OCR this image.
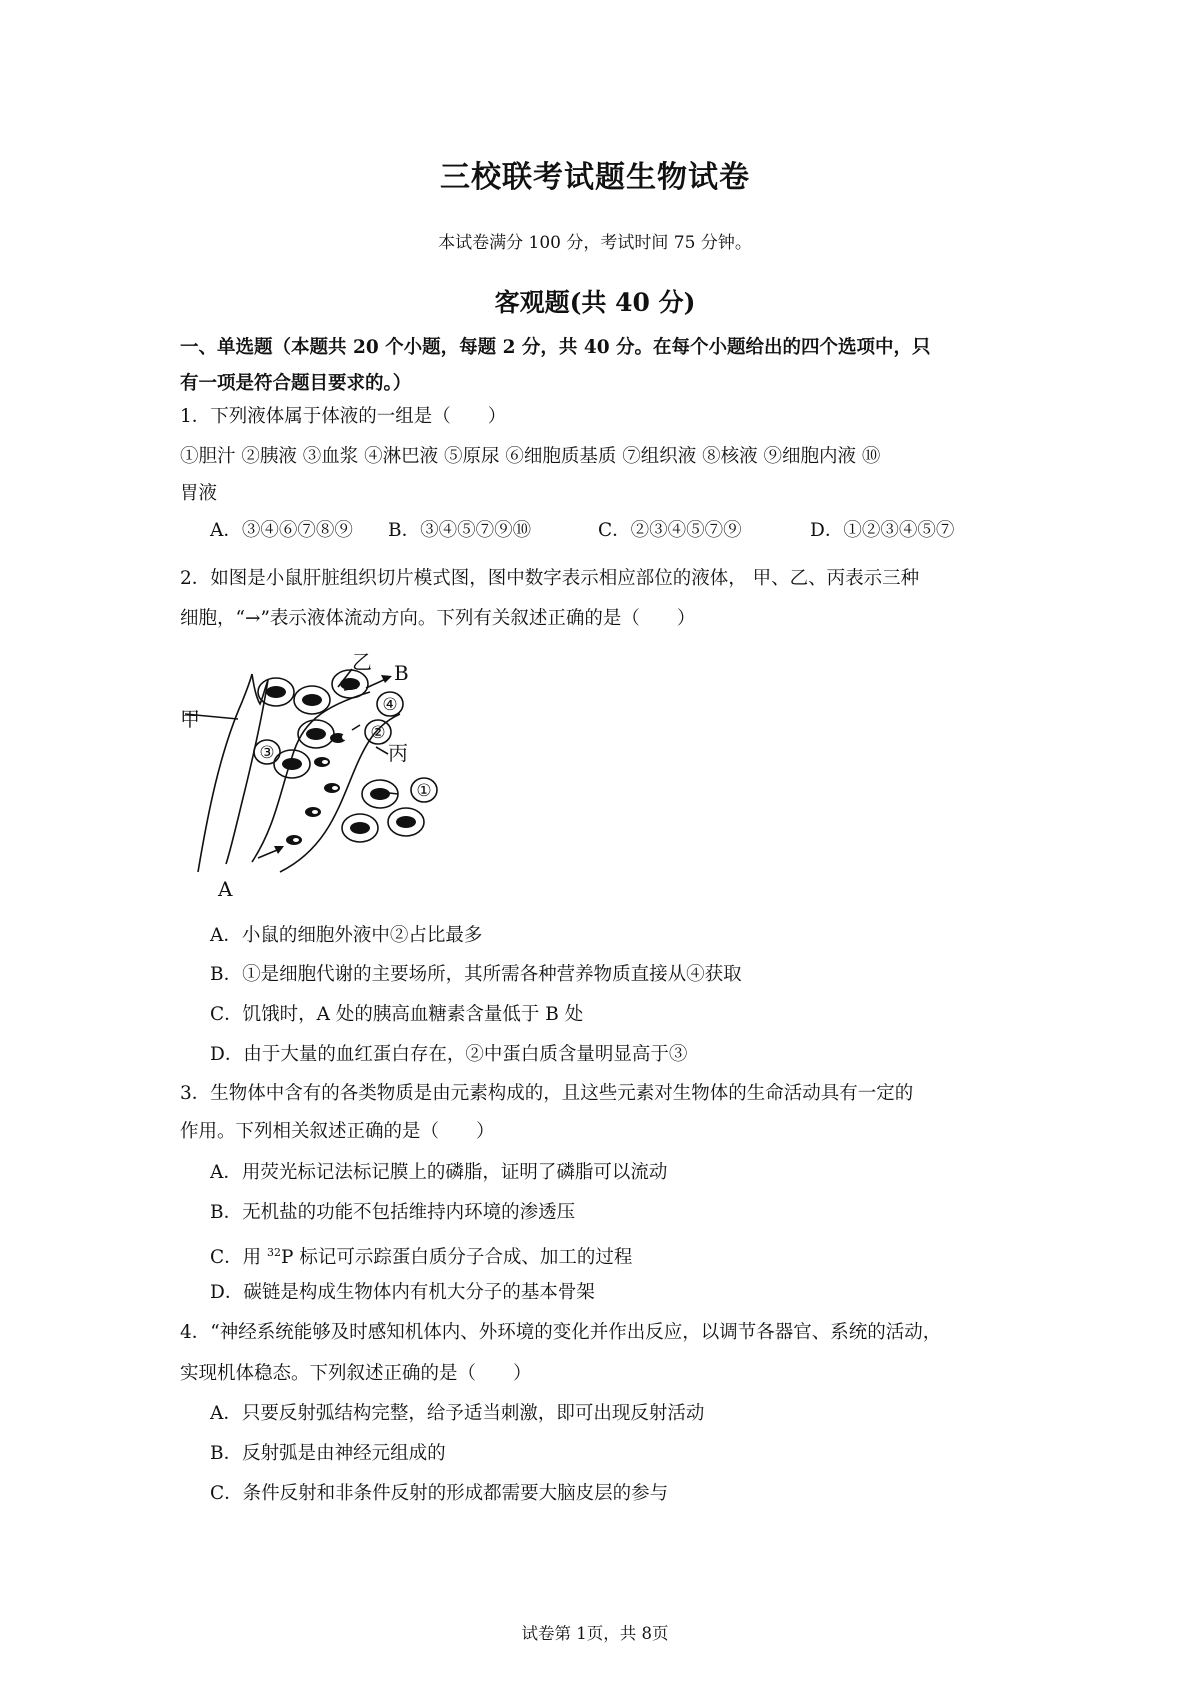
三校联考试题生物试卷
本试卷满分 100 分，考试时间 75 分钟。
客观题(共 40 分)
一、单选题（本题共 20 个小题，每题 2 分，共 40 分。在每个小题给出的四个选项中，只
有一项是符合题目要求的。）
1．下列液体属于体液的一组是（　　）
①胆汁 ②胰液 ③血浆 ④淋巴液 ⑤原尿 ⑥细胞质基质 ⑦组织液 ⑧核液 ⑨细胞内液 ⑩
胃液
A．③④⑥⑦⑧⑨ B．③④⑤⑦⑨⑩	C．②③④⑤⑦⑨	D．①②③④⑤⑦
2．如图是小鼠肝脏组织切片模式图，图中数字表示相应部位的液体， 甲、乙、丙表示三种
细胞，“→”表示液体流动方向。下列有关叙述正确的是（　　）
甲
乙
丙
B
A
③
④
②
①
A．小鼠的细胞外液中②占比最多
B．①是细胞代谢的主要场所，其所需各种营养物质直接从④获取
C．饥饿时，A 处的胰高血糖素含量低于 B 处
D．由于大量的血红蛋白存在，②中蛋白质含量明显高于③
3．生物体中含有的各类物质是由元素构成的，且这些元素对生物体的生命活动具有一定的
作用。下列相关叙述正确的是（　　）
A．用荧光标记法标记膜上的磷脂，证明了磷脂可以流动
B．无机盐的功能不包括维持内环境的渗透压
C．用 $^{32}$P 标记可示踪蛋白质分子合成、加工的过程
D．碳链是构成生物体内有机大分子的基本骨架
4．“神经系统能够及时感知机体内、外环境的变化并作出反应，以调节各器官、系统的活动，
实现机体稳态。下列叙述正确的是（　　）
A．只要反射弧结构完整，给予适当刺激，即可出现反射活动
B．反射弧是由神经元组成的
C．条件反射和非条件反射的形成都需要大脑皮层的参与
试卷第 1页，共 8页
